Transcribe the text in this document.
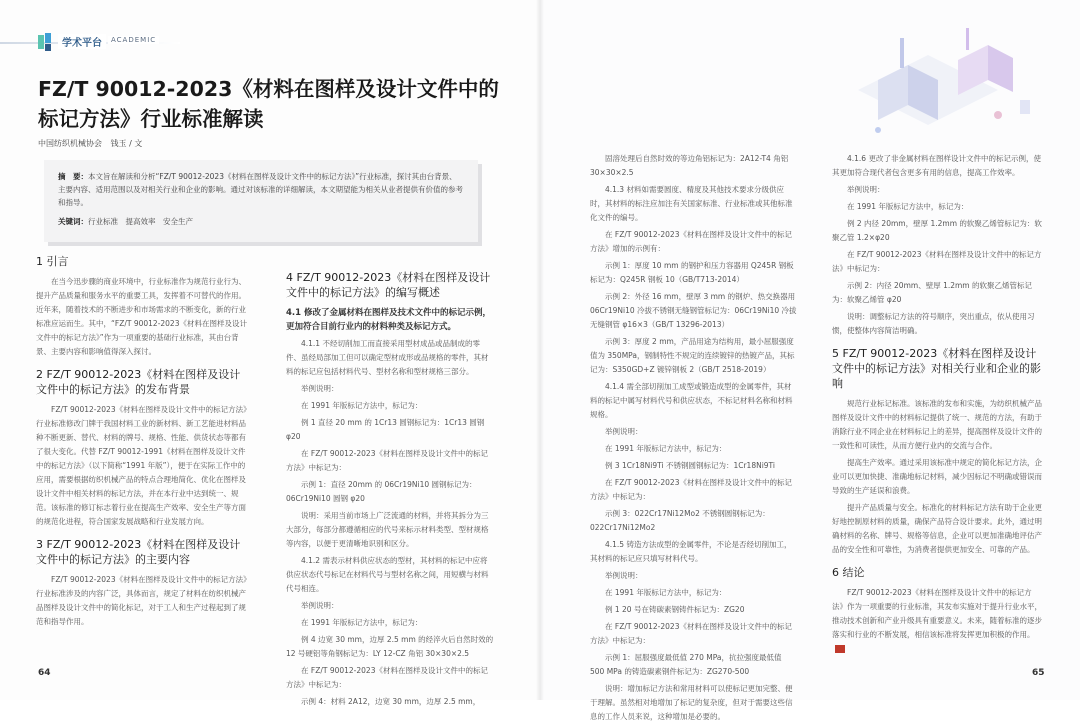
学术平台	ACADEMIC
FZ/T 90012-2023《材料在图样及设计文件中的标记方法》行业标准解读
中国纺织机械协会 钱玉 / 文
摘　要：本文旨在解读和分析“FZ/T 90012-2023《材料在图样及设计文件中的标记方法》”行业标准，探讨其由台背景、主要内容、适用范围以及对相关行业和企业的影响。通过对该标准的详细解读，本文期望能为相关从业者提供有价值的参考和指导。
关键词：行业标准　提高效率　安全生产
1 引言

在当今迅步骤的商业环境中，行业标准作为规范行业行为、提升产品质量和服务水平的重要工具，发挥着不可替代的作用。近年来，随着技术的不断进步和市场需求的不断变化，新的行业标准应运而生。其中，“FZ/T 90012-2023《材料在图样及设计文件中的标记方法》”作为一项重要的基础行业标准，其由台背景、主要内容和影响值得深入探讨。

2 FZ/T 90012-2023《材料在图样及设计文件中的标记方法》的发布背景

FZ/T 90012-2023《材料在图样及设计文件中的标记方法》行业标准修改门牌于我国材料工业的新材料、新工艺能进材料品种不断更新、替代、材料的牌号、规格、性能、供货状态等都有了很大变化。代替 FZ/T 90012-1991《材料在图样及设计文件中的标记方法》（以下简称“1991 年版”），便于在实际工作中的应用，需要根据纺织机械产品的特点合理地简化、优化在图样及设计文件中相关材料的标记方法，并在本行业中达到统一、规范。该标准的修订标志着行业在提高生产效率、安全生产等方面的规范化进程，符合国家发展战略和行业发展方向。

3 FZ/T 90012-2023《材料在图样及设计文件中的标记方法》的主要内容

FZ/T 90012-2023《材料在图样及设计文件中的标记方法》行业标准涉及的内容广泛，具体而言，规定了材料在纺织机械产品图样及设计文件中的简化标记，对于工人和生产过程起到了规范和指导作用。

4 FZ/T 90012-2023《材料在图样及设计文件中的标记方法》的编写概述
4.1 修改了金属材料在图样及技术文件中的标记示例，更加符合目前行业内的材料种类及标记方式。

4.1.1 不经切削加工而直接采用型材成品或品制成的零件、虽经局部加工但可以确定型材成形或品规格的零件，其材料的标记应包括材料代号、型材名称和型材规格三部分。

举例说明：

在 1991 年版标记方法中，标记为：

例 1 直径 20 mm 的 1Cr13 圆钢标记为：1Cr13 圆钢 φ20

在 FZ/T 90012-2023《材料在图样及设计文件中的标记方法》中标记为：

示例 1：直径 20mm 的 06Cr19Ni10 圆钢标记为：06Cr19Ni10 圆钢 φ20

说明：采用当前市场上广泛流通的材料，并将其拆分为三大部分，每部分都遵循相应的代号来标示材料类型、型材规格等内容，以便于更清晰地识别和区分。

4.1.2 需表示材料供应状态的型材，其材料的标记中应将供应状态代号标记在材料代号与型材名称之间，用短横与材料代号相连。

举例说明：

在 1991 年版标记方法中，标记为：

例 4 边宽 30 mm，边厚 2.5 mm 的经淬火后自然时效的 12 号硬铝等角钢标记为：LY 12-CZ 角铝 30×30×2.5

在 FZ/T 90012-2023《材料在图样及设计文件中的标记方法》中标记为：

示例 4：材料 2A12，边宽 30 mm，边厚 2.5 mm，

64

固溶处理后自然时效的等边角铝标记为：2A12-T4 角铝 30×30×2.5

4.1.3 材料如需要圆度、精度及其他技术要求分级供应时，其材料的标注应加注有关国家标准、行业标准或其他标准化文件的编号。

在 FZ/T 90012-2023《材料在图样及设计文件中的标记方法》增加的示例有：

示例 1：厚度 10 mm 的钢护和压力容器用 Q245R 钢板标记为：Q245R 钢板 10（GB/T713-2014）

示例 2：外径 16 mm，壁厚 3 mm 的钢炉、热交换器用 06Cr19Ni10 冷拔不锈钢无缝钢管标记为：06Cr19Ni10 冷拔无缝钢管 φ16×3（GB/T 13296-2013）

示例 3：厚度 2 mm，产品用途为结构用，最小屈服强度值为 350MPa，钢制特性不规定的连续镀锌的热镀产品，其标记为：S350GD+Z 镀锌钢板 2（GB/T 2518-2019）

4.1.4 需全部切削加工成型或锻造成型的金属零件，其材料的标记中属写材料代号和供应状态，不标记材料名称和材料规格。

举例说明：

在 1991 年版标记方法中，标记为：

例 3 1Cr18Ni9Ti 不锈钢圆钢标记为：1Cr18Ni9Ti

在 FZ/T 90012-2023《材料在图样及设计文件中的标记方法》中标记为：

示例 3：022Cr17Ni12Mo2 不锈钢圆钢标记为：022Cr17Ni12Mo2

4.1.5 铸造方法成型的金属零件，不论是否经切削加工，其材料的标记应只填写材料代号。

举例说明：

在 1991 年版标记方法中，标记为：

例 1 20 号在铸碳素钢铸件标记为：ZG20

在 FZ/T 90012-2023《材料在图样及设计文件中的标记方法》中标记为：

示例 1：屈服强度最低值 270 MPa，抗拉强度最低值 500 MPa 的铸造碳素钢件标记为：ZG270-500

说明：增加标记方法和常用材料可以使标记更加完整、便于理解。虽然相对地增加了标记的复杂度，但对于需要这些信息的工作人员来说，这种增加是必要的。

4.1.6 更改了非金属材料在图样设计文件中的标记示例，使其更加符合现代者包含更多有用的信息，提高工作效率。

举例说明：

在 1991 年版标记方法中，标记为：

例 2 内径 20mm，壁厚 1.2mm 的软聚乙烯管标记为：软聚乙管 1.2×φ20

在 FZ/T 90012-2023《材料在图样及设计文件中的标记方法》中标记为：

示例 2：内径 20mm、壁厚 1.2mm 的软聚乙烯管标记为：软聚乙烯管 φ20

说明：调整标记方法的符号顺序，突出重点，依从使用习惯，使整体内容简洁明确。

5 FZ/T 90012-2023《材料在图样及设计文件中的标记方法》对相关行业和企业的影响

规范行业标记标准。该标准的发布和实施，为纺织机械产品图样及设计文件中的材料标记提供了统一、规范的方法，有助于消除行业不同企业在材料标记上的差异，提高图样及设计文件的一致性和可读性，从而方便行业内的交流与合作。

提高生产效率。通过采用该标准中规定的简化标记方法，企业可以更加快捷、准确地标记材料，减少因标记不明确或错误而导致的生产延误和浪费。

提升产品质量与安全。标准化的材料标记方法有助于企业更好地控制原材料的质量，确保产品符合设计要求。此外，通过明确材料的名称、牌号、规格等信息，企业可以更加准确地评估产品的安全性和可靠性，为消费者提供更加安全、可靠的产品。

6 结论

FZ/T 90012-2023《材料在图样及设计文件中的标记方法》作为一项重要的行业标准，其发布实施对于提升行业水平，推动技术创新和产业升级具有重要意义。未来，随着标准的逐步落实和行业的不断发展，相信该标准将发挥更加积极的作用。

65
